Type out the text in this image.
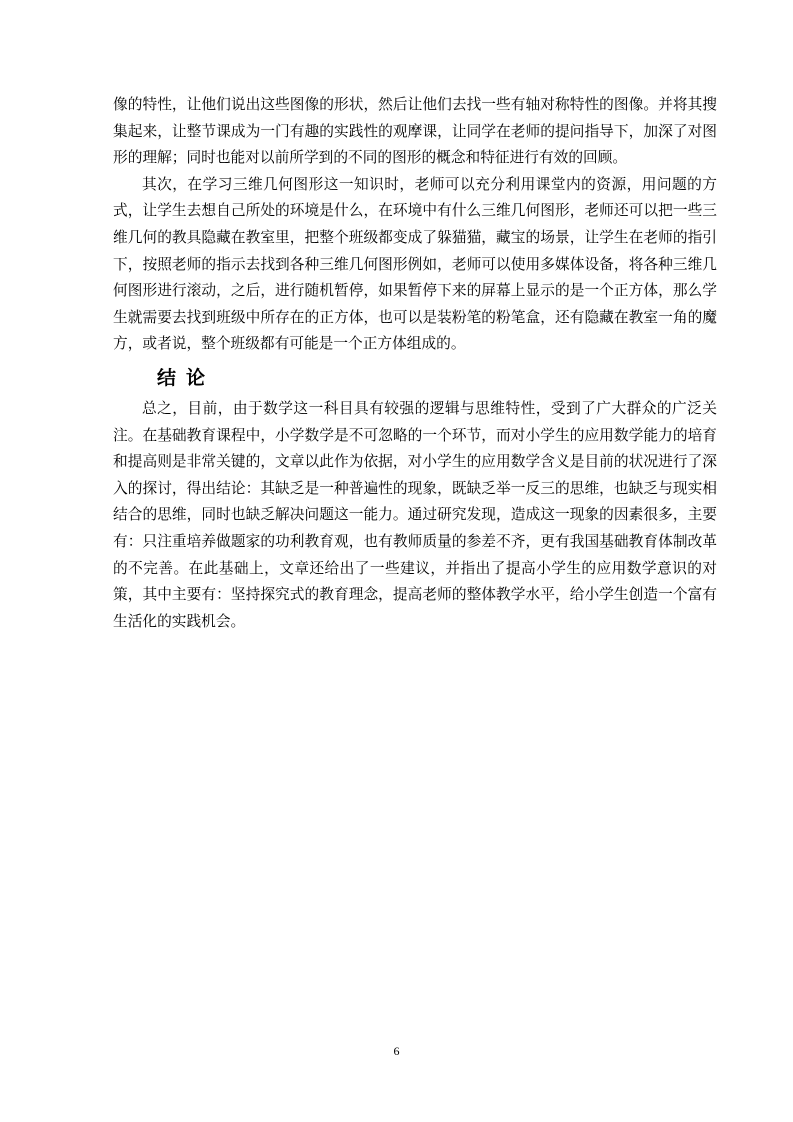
像的特性，让他们说出这些图像的形状，然后让他们去找一些有轴对称特性的图像。并将其搜集起来，让整节课成为一门有趣的实践性的观摩课，让同学在老师的提问指导下，加深了对图形的理解；同时也能对以前所学到的不同的图形的概念和特征进行有效的回顾。

其次，在学习三维几何图形这一知识时，老师可以充分利用课堂内的资源，用问题的方式，让学生去想自己所处的环境是什么，在环境中有什么三维几何图形，老师还可以把一些三维几何的教具隐藏在教室里，把整个班级都变成了躲猫猫，藏宝的场景，让学生在老师的指引下，按照老师的指示去找到各种三维几何图形例如，老师可以使用多媒体设备，将各种三维几何图形进行滚动，之后，进行随机暂停，如果暂停下来的屏幕上显示的是一个正方体，那么学生就需要去找到班级中所存在的正方体，也可以是装粉笔的粉笔盒，还有隐藏在教室一角的魔方，或者说，整个班级都有可能是一个正方体组成的。

结论

总之，目前，由于数学这一科目具有较强的逻辑与思维特性，受到了广大群众的广泛关注。在基础教育课程中，小学数学是不可忽略的一个环节，而对小学生的应用数学能力的培育和提高则是非常关键的，文章以此作为依据，对小学生的应用数学含义是目前的状况进行了深入的探讨，得出结论：其缺乏是一种普遍性的现象，既缺乏举一反三的思维，也缺乏与现实相结合的思维，同时也缺乏解决问题这一能力。通过研究发现，造成这一现象的因素很多，主要有：只注重培养做题家的功利教育观，也有教师质量的参差不齐，更有我国基础教育体制改革的不完善。在此基础上，文章还给出了一些建议，并指出了提高小学生的应用数学意识的对策，其中主要有：坚持探究式的教育理念，提高老师的整体教学水平，给小学生创造一个富有生活化的实践机会。

6
